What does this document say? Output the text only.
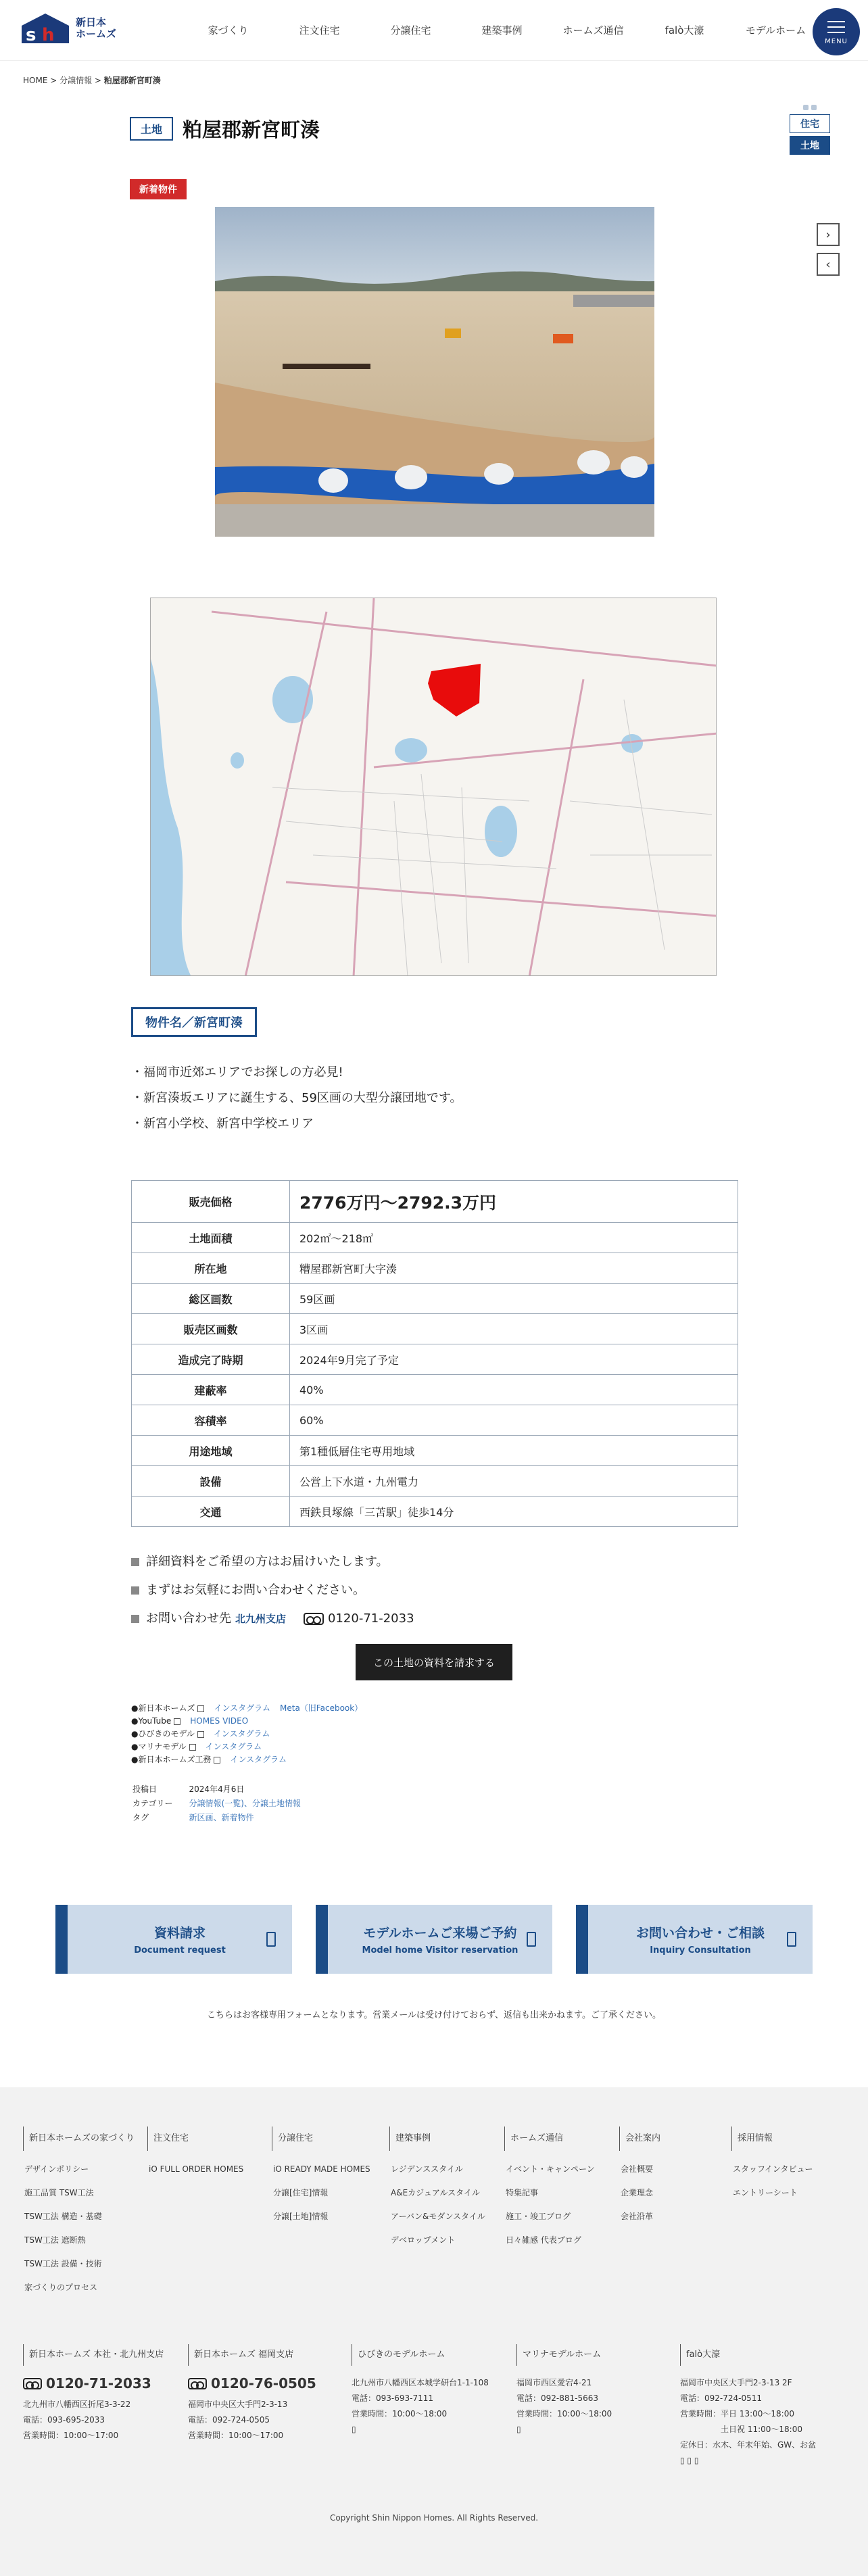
s h
新日本
ホームズ	家づくり	注文住宅	分譲住宅	建築事例	ホームズ通信	falò大濠	モデルホーム
MENU
HOME > 分譲情報 > 粕屋郡新宮町湊
土地	粕屋郡新宮町湊	住宅
土地
新着物件
›
‹
物件名／新宮町湊
・福岡市近郊エリアでお探しの方必見!
・新宮湊坂エリアに誕生する、59区画の大型分譲団地です。
・新宮小学校、新宮中学校エリア
販売価格	2776万円～2792.3万円
土地面積	202㎡～218㎡
所在地	糟屋郡新宮町大字湊
総区画数	59区画
販売区画数	3区画
造成完了時期	2024年9月完了予定
建蔽率	40%
容積率	60%
用途地域	第1種低層住宅専用地域
設備	公営上下水道・九州電力
交通	西鉄貝塚線「三苫駅」徒歩14分
詳細資料をご希望の方はお届けいたします。
まずはお気軽にお問い合わせください。
お問い合わせ先 北九州支店	0120-71-2033
この土地の資料を請求する
●新日本ホームズ インスタグラム Meta（旧Facebook）
●YouTube HOMES VIDEO
●ひびきのモデル インスタグラム
●マリナモデル インスタグラム
●新日本ホームズ工務 インスタグラム
投稿日	2024年4月6日
カテゴリー	分譲情報(一覧)、分譲土地情報
タグ	新区画、新着物件
資料請求
Document request
モデルホームご来場ご予約
Model home Visitor reservation
お問い合わせ・ご相談
Inquiry Consultation
こちらはお客様専用フォームとなります。営業メールは受け付けておらず、返信も出来かねます。ご了承ください。
新日本ホームズの家づくり
デザインポリシー
施工品質 TSW工法
TSW工法 構造・基礎
TSW工法 遮断熱
TSW工法 設備・技術
家づくりのプロセス
注文住宅
iO FULL ORDER HOMES
分譲住宅
iO READY MADE HOMES
分譲[住宅]情報
分譲[土地]情報
建築事例
レジデンススタイル
A&Eカジュアルスタイル
アーバン&モダンスタイル
デベロップメント
ホームズ通信
イベント・キャンペーン
特集記事
施工・竣工ブログ
日々雑感 代表ブログ
会社案内
会社概要
企業理念
会社沿革
採用情報
スタッフインタビュー
エントリーシート
新日本ホームズ 本社・北九州支店
0120-71-2033
北九州市八幡西区折尾3-3-22
電話：093-695-2033
営業時間：10:00〜17:00
新日本ホームズ 福岡支店
0120-76-0505
福岡市中央区大手門2-3-13
電話：092-724-0505
営業時間：10:00〜17:00
ひびきのモデルホーム
北九州市八幡西区本城学研台1-1-108
電話：093-693-7111
営業時間：10:00〜18:00
▯
マリナモデルホーム
福岡市西区愛宕4-21
電話：092-881-5663
営業時間：10:00〜18:00
▯
falò大濠
福岡市中央区大手門2-3-13 2F
電話：092-724-0511
営業時間：平日 13:00〜18:00
　　　　　土日祝 11:00〜18:00
定休日：水木、年末年始、GW、お盆
▯ ▯ ▯
Copyright Shin Nippon Homes. All Rights Reserved.
